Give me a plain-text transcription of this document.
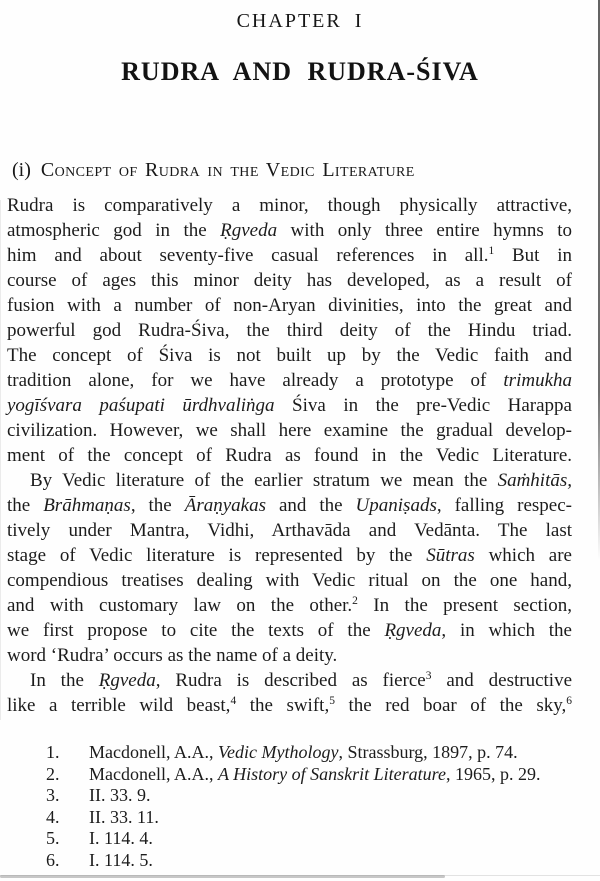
CHAPTER I
RUDRA AND RUDRA-ŚIVA
(i) Concept of Rudra in the Vedic Literature
Rudra is comparatively a minor, though physically attractive,
atmospheric god in the Ṛgveda with only three entire hymns to
him and about seventy-five casual references in all.$^1$ But in
course of ages this minor deity has developed, as a result of
fusion with a number of non-Aryan divinities, into the great and
powerful god Rudra-Śiva, the third deity of the Hindu triad.
The concept of Śiva is not built up by the Vedic faith and
tradition alone, for we have already a prototype of trimukha
yogīśvara paśupati ūrdhvaliṅga Śiva in the pre-Vedic Harappa
civilization. However, we shall here examine the gradual develop-
ment of the concept of Rudra as found in the Vedic Literature.
By Vedic literature of the earlier stratum we mean the Saṁhitās,
the Brāhmaṇas, the Āraṇyakas and the Upaniṣads, falling respec-
tively under Mantra, Vidhi, Arthavāda and Vedānta. The last
stage of Vedic literature is represented by the Sūtras which are
compendious treatises dealing with Vedic ritual on the one hand,
and with customary law on the other.$^2$ In the present section,
we first propose to cite the texts of the Ṛgveda, in which the
word ‘Rudra’ occurs as the name of a deity.
In the Ṛgveda, Rudra is described as fierce$^3$ and destructive
like a terrible wild beast,$^4$ the swift,$^5$ the red boar of the sky,$^6$
1.	Macdonell, A.A., Vedic Mythology, Strassburg, 1897, p. 74.
2.	Macdonell, A.A., A History of Sanskrit Literature, 1965, p. 29.
3.	II. 33. 9.
4.	II. 33. 11.
5.	I. 114. 4.
6.	I. 114. 5.
